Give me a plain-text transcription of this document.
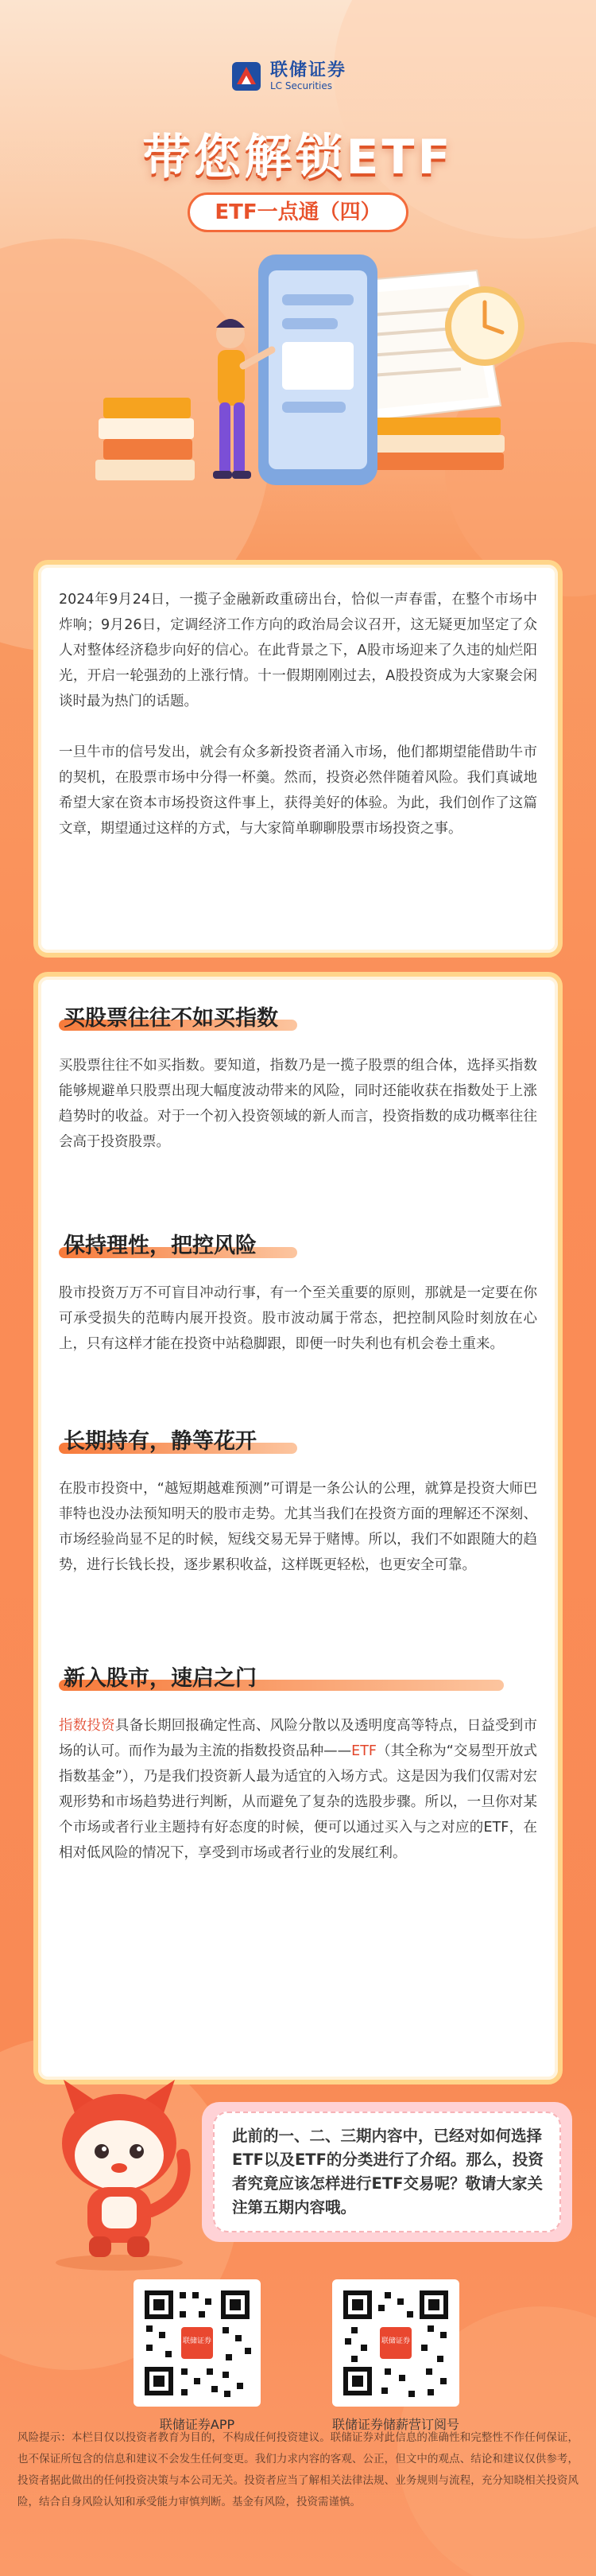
联储证券
LC Securities
带您解锁ETF
ETF一点通（四）

2024年9月24日，一揽子金融新政重磅出台，恰似一声春雷，在整个市场中炸响；9月26日，定调经济工作方向的政治局会议召开，这无疑更加坚定了众人对整体经济稳步向好的信心。在此背景之下，A股市场迎来了久违的灿烂阳光，开启一轮强劲的上涨行情。十一假期刚刚过去，A股投资成为大家聚会闲谈时最为热门的话题。

一旦牛市的信号发出，就会有众多新投资者涌入市场，他们都期望能借助牛市的契机，在股票市场中分得一杯羹。然而，投资必然伴随着风险。我们真诚地希望大家在资本市场投资这件事上，获得美好的体验。为此，我们创作了这篇文章，期望通过这样的方式，与大家简单聊聊股票市场投资之事。

买股票往往不如买指数

买股票往往不如买指数。要知道，指数乃是一揽子股票的组合体，选择买指数能够规避单只股票出现大幅度波动带来的风险，同时还能收获在指数处于上涨趋势时的收益。对于一个初入投资领域的新人而言，投资指数的成功概率往往会高于投资股票。

保持理性，把控风险

股市投资万万不可盲目冲动行事，有一个至关重要的原则，那就是一定要在你可承受损失的范畴内展开投资。股市波动属于常态，把控制风险时刻放在心上，只有这样才能在投资中站稳脚跟，即便一时失利也有机会卷土重来。

长期持有，静等花开

在股市投资中，“越短期越难预测”可谓是一条公认的公理，就算是投资大师巴菲特也没办法预知明天的股市走势。尤其当我们在投资方面的理解还不深刻、市场经验尚显不足的时候，短线交易无异于赌博。所以，我们不如跟随大的趋势，进行长钱长投，逐步累积收益，这样既更轻松，也更安全可靠。

新入股市，速启之门

指数投资具备长期回报确定性高、风险分散以及透明度高等特点，日益受到市场的认可。而作为最为主流的指数投资品种——ETF（其全称为“交易型开放式指数基金”），乃是我们投资新人最为适宜的入场方式。这是因为我们仅需对宏观形势和市场趋势进行判断，从而避免了复杂的选股步骤。所以，一旦你对某个市场或者行业主题持有好态度的时候，便可以通过买入与之对应的ETF，在相对低风险的情况下，享受到市场或者行业的发展红利。

此前的一、二、三期内容中，已经对如何选择ETF以及ETF的分类进行了介绍。那么，投资者究竟应该怎样进行ETF交易呢？敬请大家关注第五期内容哦。
联储证券
联储证券APP
联储证券
联储证券储薪营订阅号
风险提示：本栏目仅以投资者教育为目的，不构成任何投资建议。联储证券对此信息的准确性和完整性不作任何保证，也不保证所包含的信息和建议不会发生任何变更。我们力求内容的客观、公正，但文中的观点、结论和建议仅供参考，投资者据此做出的任何投资决策与本公司无关。投资者应当了解相关法律法规、业务规则与流程，充分知晓相关投资风险，结合自身风险认知和承受能力审慎判断。基金有风险，投资需谨慎。
